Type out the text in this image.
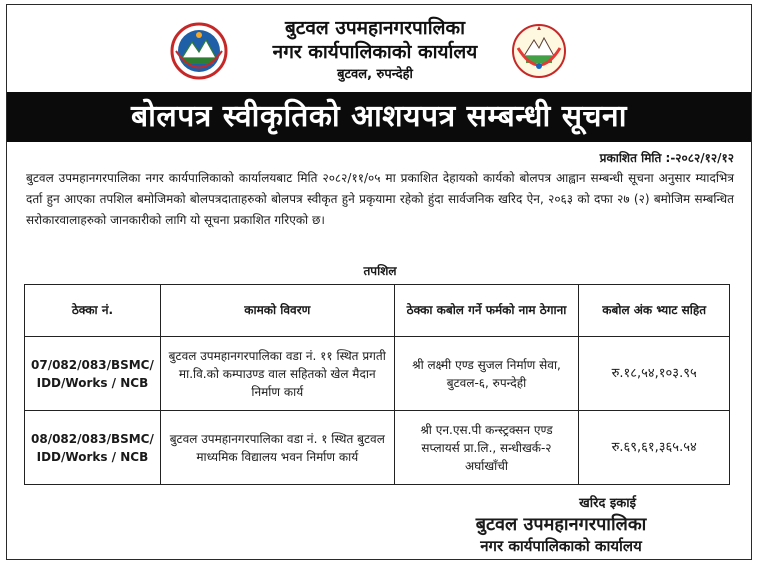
बुटवल उपमहानगरपालिका
नगर कार्यपालिकाको कार्यालय
बुटवल, रुपन्देही
बोलपत्र स्वीकृतिको आशयपत्र सम्बन्धी सूचना
प्रकाशित मिति :-२०८२/१२/१२
बुटवल उपमहानगरपालिका नगर कार्यपालिकाको कार्यालयबाट मिति २०८२/११/०५ मा प्रकाशित देहायको कार्यको बोलपत्र आह्वान सम्बन्धी सूचना अनुसार म्यादभित्र दर्ता हुन आएका तपशिल बमोजिमको बोलपत्रदाताहरुको बोलपत्र स्वीकृत हुने प्रकृयामा रहेको हुंदा सार्वजनिक खरिद ऐन, २०६३ को दफा २७ (२) बमोजिम सम्बन्धित सरोकारवालाहरुको जानकारीको लागि यो सूचना प्रकाशित गरिएको छ।
तपशिल
ठेक्का नं.	कामको विवरण	ठेक्का कबोल गर्ने फर्मको नाम ठेगाना	कबोल अंक भ्याट सहित
07/082/083/BSMC/ IDD/Works / NCB	बुटवल उपमहानगरपालिका वडा नं. ११ स्थित प्रगती मा.वि.को कम्पाउण्ड वाल सहितको खेल मैदान निर्माण कार्य	श्री लक्ष्मी एण्ड सुजल निर्माण सेवा, बुटवल-६, रुपन्देही	रु.१८,५४,१०३.९५
08/082/083/BSMC/ IDD/Works / NCB	बुटवल उपमहानगरपालिका वडा नं. १ स्थित बुटवल माध्यमिक विद्यालय भवन निर्माण कार्य	श्री एन.एस.पी कन्स्ट्रक्सन एण्ड सप्लायर्स प्रा.लि., सन्धीखर्क-२ अर्घाखाँची	रु.६९,६१,३६५.५४
खरिद इकाई
बुटवल उपमहानगरपालिका
नगर कार्यपालिकाको कार्यालय
